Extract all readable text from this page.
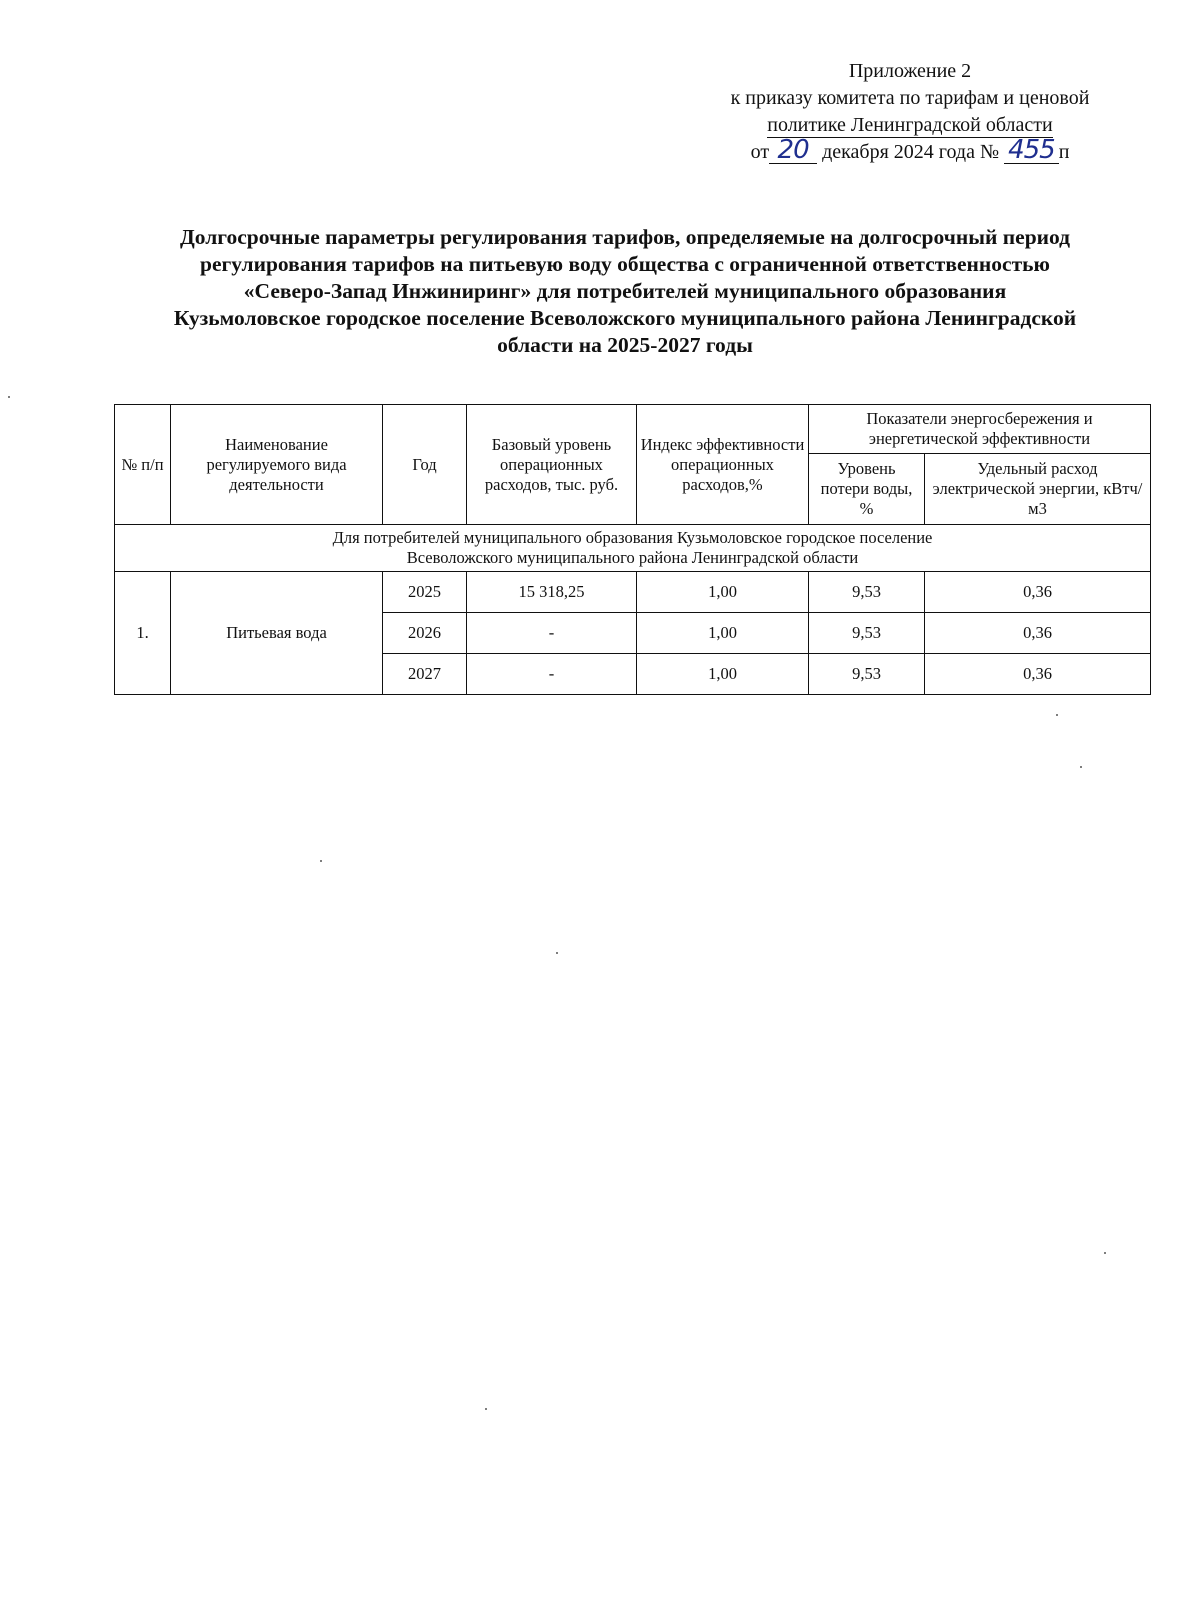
Приложение 2
к приказу комитета по тарифам и ценовой
политике Ленинградской области
от 20 декабря 2024 года № 455 п
Долгосрочные параметры регулирования тарифов, определяемые на долгосрочный период
регулирования тарифов на питьевую воду общества с ограниченной ответственностью
«Северо-Запад Инжиниринг» для потребителей муниципального образования
Кузьмоловское городское поселение Всеволожского муниципального района Ленинградской
области на 2025-2027 годы
№ п/п	Наименование регулируемого вида деятельности	Год	Базовый уровень операционных расходов, тыс. руб.	Индекс эффективности операционных расходов,%	Показатели энергосбережения и энергетической эффективности	
					Уровень потери воды, %	Удельный расход электрической энергии, кВтч/м3

Для потребителей муниципального образования Кузьмоловское городское поселение
Всеволожского муниципального района Ленинградской области						

1.	Питьевая вода	2025	15 318,25	1,00	9,53	0,36
		2026	-	1,00	9,53	0,36
		2027	-	1,00	9,53	0,36
